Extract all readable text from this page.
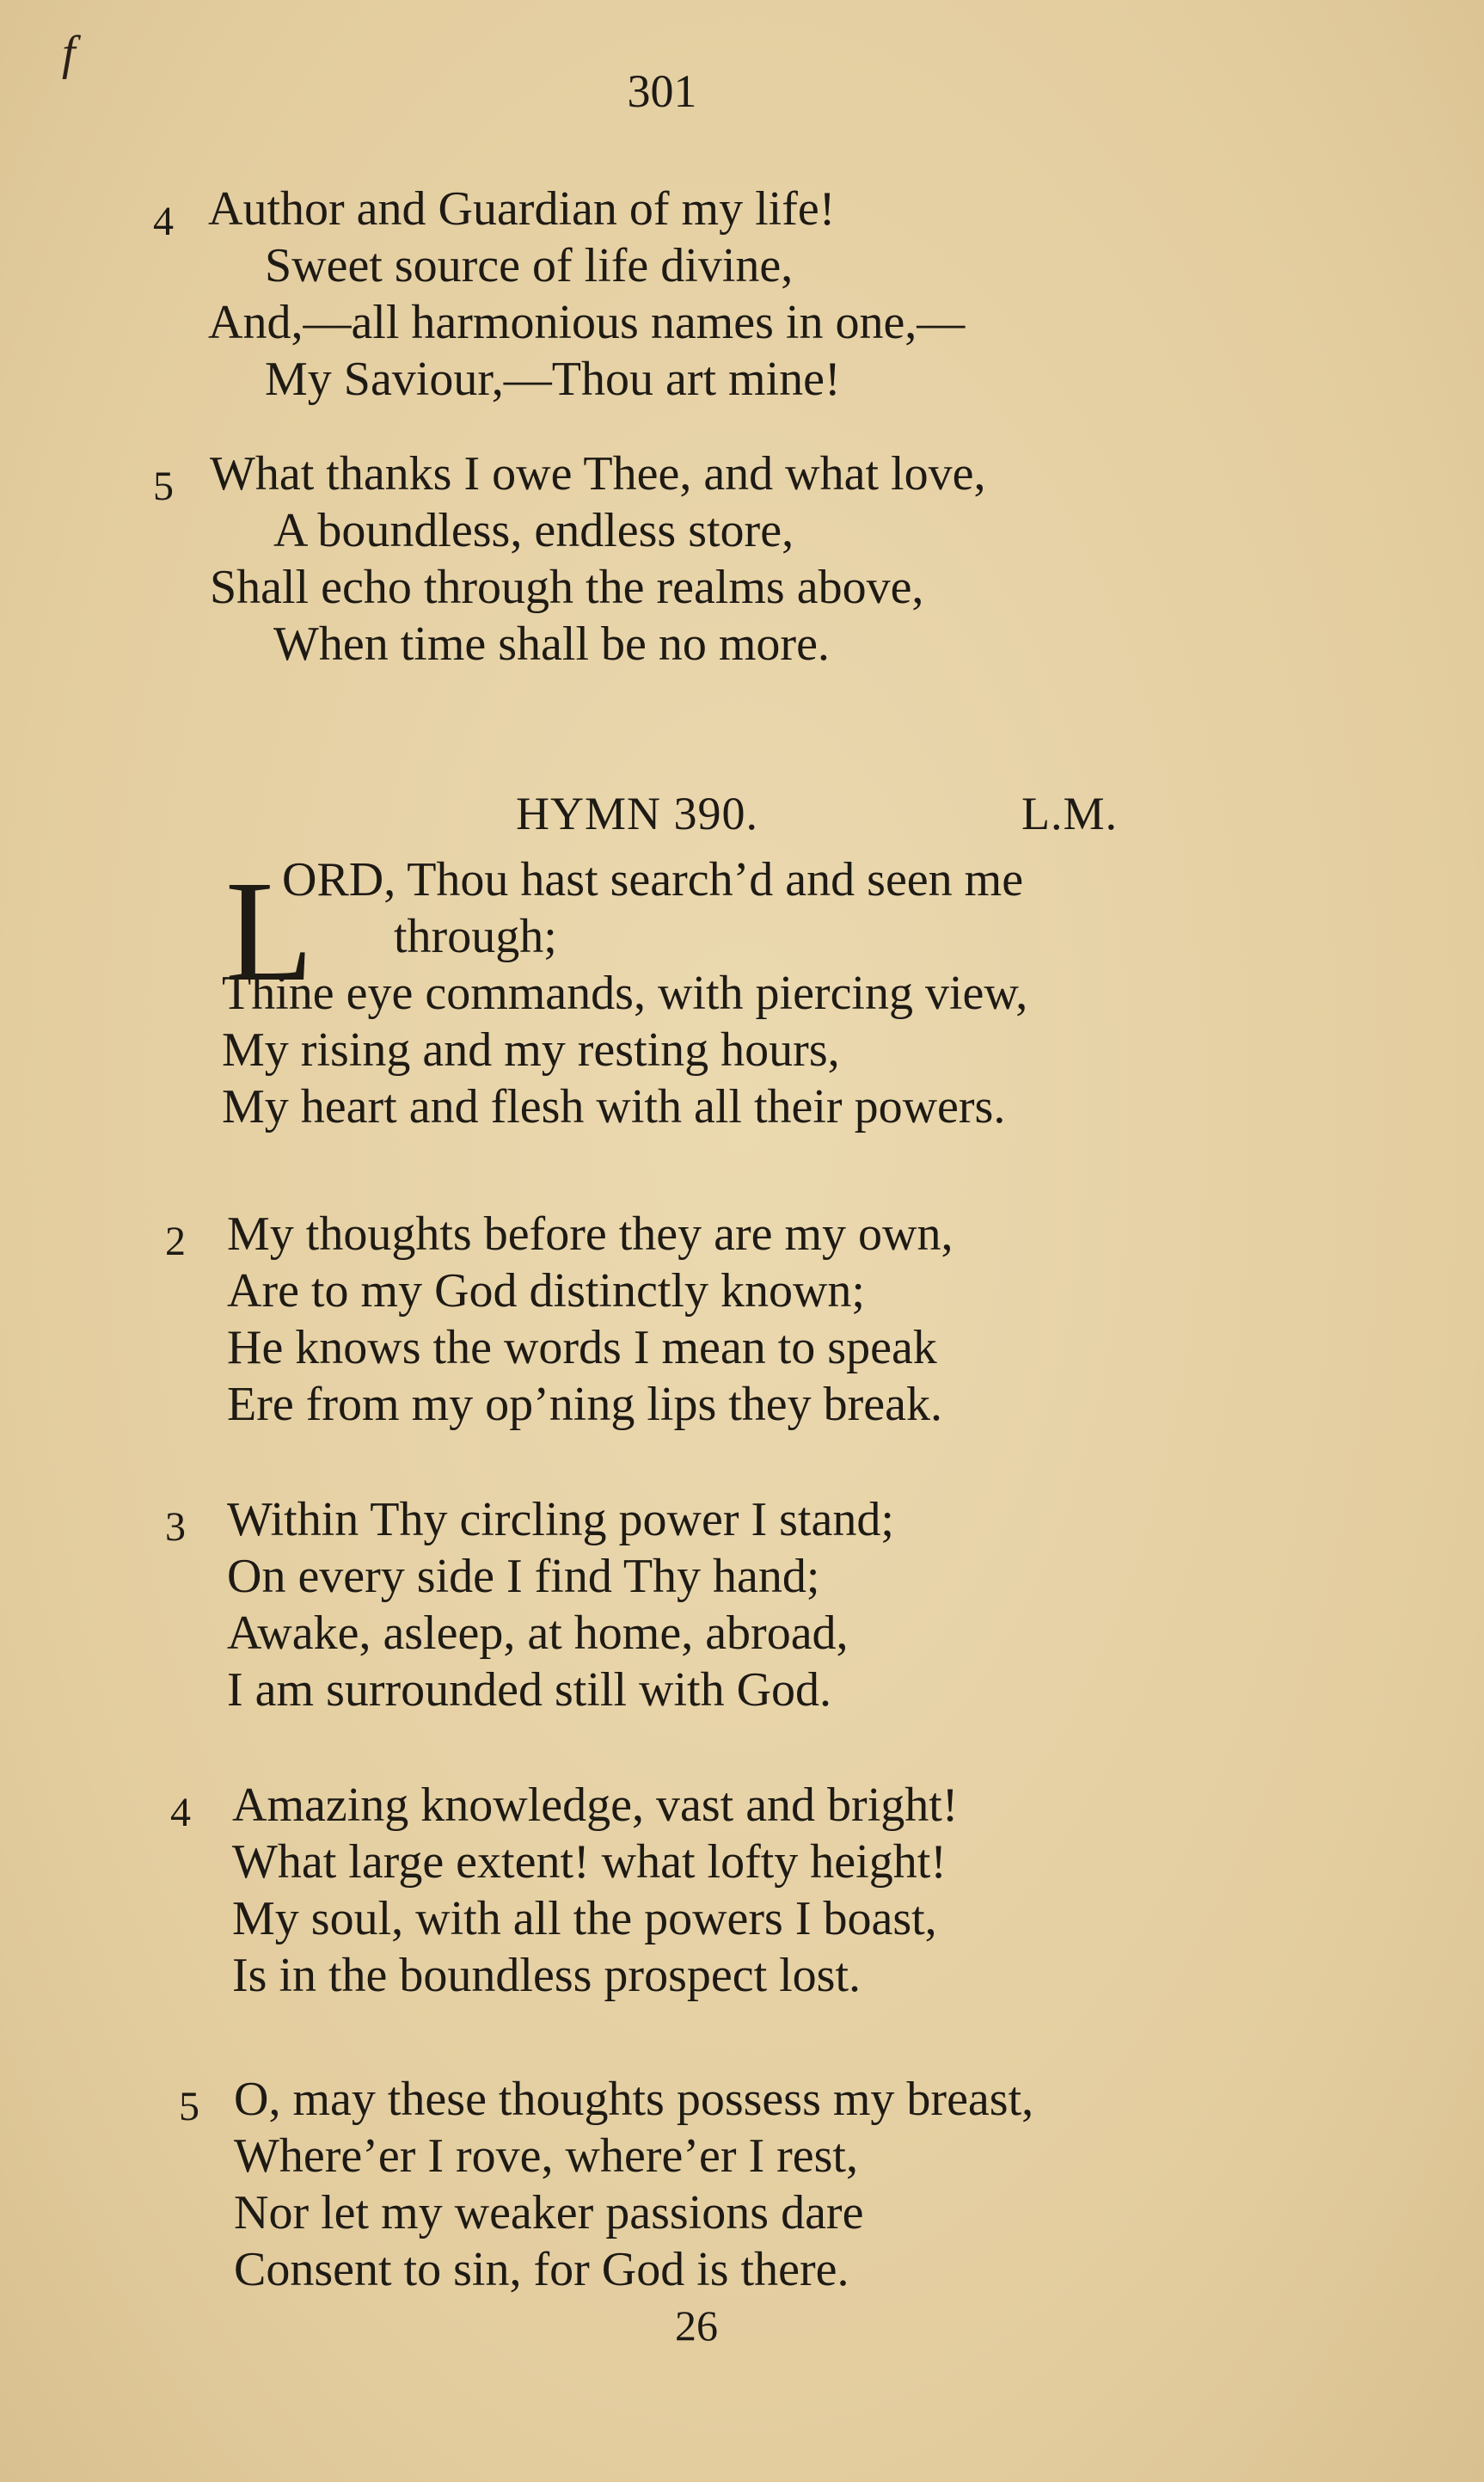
f
301
4 Author and Guardian of my life!
Sweet source of life divine,
And,—all harmonious names in one,—
My Saviour,—Thou art mine!
5 What thanks I owe Thee, and what love,
A boundless, endless store,
Shall echo through the realms above,
When time shall be no more.
HYMN 390.	L.M.
L
ORD, Thou hast search’d and seen me
through;
Thine eye commands, with piercing view,
My rising and my resting hours,
My heart and flesh with all their powers.
2 My thoughts before they are my own,
Are to my God distinctly known;
He knows the words I mean to speak
Ere from my op’ning lips they break.
3 Within Thy circling power I stand;
On every side I find Thy hand;
Awake, asleep, at home, abroad,
I am surrounded still with God.
4 Amazing knowledge, vast and bright!
What large extent! what lofty height!
My soul, with all the powers I boast,
Is in the boundless prospect lost.
5 O, may these thoughts possess my breast,
Where’er I rove, where’er I rest,
Nor let my weaker passions dare
Consent to sin, for God is there.
26
